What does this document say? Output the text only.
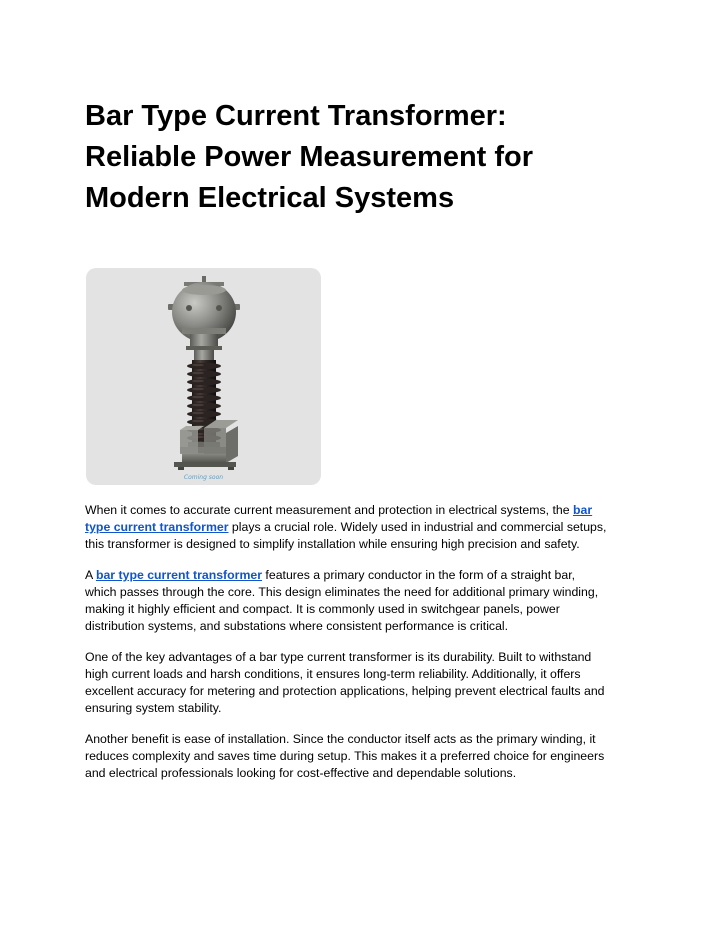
Bar Type Current Transformer:
Reliable Power Measurement for
Modern Electrical Systems
Coming soon

When it comes to accurate current measurement and protection in electrical systems, the bar
type current transformer plays a crucial role. Widely used in industrial and commercial setups,
this transformer is designed to simplify installation while ensuring high precision and safety.

A bar type current transformer features a primary conductor in the form of a straight bar,
which passes through the core. This design eliminates the need for additional primary winding,
making it highly efficient and compact. It is commonly used in switchgear panels, power
distribution systems, and substations where consistent performance is critical.

One of the key advantages of a bar type current transformer is its durability. Built to withstand
high current loads and harsh conditions, it ensures long-term reliability. Additionally, it offers
excellent accuracy for metering and protection applications, helping prevent electrical faults and
ensuring system stability.

Another benefit is ease of installation. Since the conductor itself acts as the primary winding, it
reduces complexity and saves time during setup. This makes it a preferred choice for engineers
and electrical professionals looking for cost-effective and dependable solutions.
